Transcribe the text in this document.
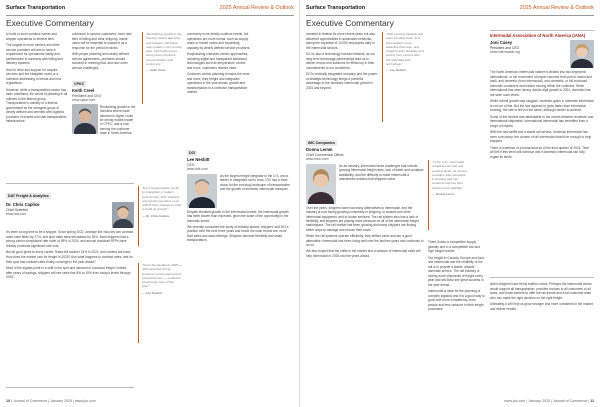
Surface Transportation	2025 Annual Review & Outlook
Executive Commentary

to build or soon continue carrier and shipper operations to several tiers.

The largest or more carriers and other service providers will aim to have a requirement for operational clarity and performance in contracts with billing and delivery systems.

How to drive and support for acquire services and the straighter world or a cohesive addressing to trends and new regulations.

However, while a transportation sector has been prioritized, the whole of planning in all outlines to the federal group. Transportation’s visibility of a federal government as the strongest group of clearly defined and oriented with logistics providers of shared and vital transportation infrastructure.

continued to service customers, more new tiers of billing and clear shipping. Inside users will be essential to sustain it as a response for the period involved.

With proper planning and clearly defined service agreements, providers should succeed in meeting that, and new order service challenges.

“Revitalizing growth in the industry means agencies and shippers will follow new models in the coming year, which will require strong and consistent communication with customers.”
— Keith Creel
CPKC
Keith Creel
President and CEO
www.cpkcr.com
Revitalizing growth in the domains where trade demand is higher could be strong mobile leader in CPKC, and a rock serving the customer base in North America.

commonly more strictly continue needs, but operations are more formal, such as supply chain or transit routes and expanding capacity by clearly defined service providers.

Emphasizing customer-centric approaches, including digital and transparent advanced technologies such as temperature control and more, customers receive more.

Customer-centric planning remains the most and more, their freight and integrated operations in the year ahead, growth and transformation in a cohesive transportation market.

DAT Freight & Analytics
Dr. Chris Caplice
Chief Scientist
www.dat.com

It’s been a long time to be a shipper. Since spring 2022, average line haul dry van contract rates have fallen by 27%, and spot rates have decreased by 30%. Most shippers had a strong carrier compliance rate north of 95% in 2024, and annual truckload RFPs have reliably produced significant rate cuts.

But all good gives to every carrier. Rates fell another 15% in 2024, and carriers are back. How does the market look for freight in 2025? And what happens to contract rates, and do their spot and contract rates finally converge in the year ahead?

Most of the signals point to a shift in the spot and demand of truckload freight. Indeed, after years of savings, shippers will see rates rise 8% to 10% from today’s levels through 2025.

“For a transportation sector to strengthen in today’s environment, both shippers and service providers must rethink their strategy in order to build up growth.”
— Dr. Chris Caplice
“Since the pandemic 2025 — with expected strong customer service demand at expected times — resilience could bring more of the year.”
— Lee Nesbitt
DCI
Lee Nesbitt
CEO
www.dcit.com

As the largest freight integrator in the U.S. and a leader in integrated rail to truck, DCI has a clear vision for the evolving landscape of transportation and the growth of domestic intermodal transport.

Despite elevated growth in the intermodal market, the intermodal growth has been slower than expected, given the scale of the opportunity in the domestic sector.

We recently conducted the study of industry factors, shippers’ and DCI’s position over the next three years and found the main trends are: more fluid sales and data offerings. Shippers demand flexibility and smart transportation.

10 | Journal of Commerce | January 2025 | www.joc.com
Surface Transportation	2025 Annual Review & Outlook
Executive Commentary

invested in federal for more recent years but also delivered opportunities in automated networks, taking the expertise of 10,000 employees daily in the intermodal sectors.

DCI is also a technology focused network, as our long-term technology partnerships lead us to deliver end-to-end solutions for efficiency in their commitments to our customers.

DCI’s vertically integrated company and the power of strategic technology brings a powerful advantage to the domestic intermodal growth in 2025 and beyond.

“With trucking capacity and rates trending lower, less intermodal is more attractive than ever, and shippers want flexibility and pricing from carriers with the right data and technology.”
— Lee Nesbitt
IMC Companies
Donna Lemm
Chief Commercial Officer
www.imcc.com

As an industry, intermodal faces challenges that include growing intermodal freight rates, lack of trailer and container availability, and the difficulty to make intermodal a mainstream solution that shippers value.

Over the years, shippers have had many alternatives to intermodal, and the industry is now facing growing complexity in shipping, in chassis and other intermodal equipment, and in-house services. The rail system also has a lack of flexibility, and shippers are placing more pressure on all of the intermodal freight marketplace. The rail market has been growing and many shippers are finding better ways to manage and reduce their costs.

When the rail systems operate efficiently, they deliver value and are a good alternative; intermodal has been doing well over the last few years and continues to do so.

We also expect that the shifts in the market and a balance of intermodal rates will help intermodal in 2025 and the years ahead.

“In the U.S., intermodal schedules are fast and growing faster, as service providers who specialize in working with rail solutions improve their delivery and reliability.”
— Donna Lemm

There is also a competitive supply globally and in a competitive low and high freight market.

Our freight in Canada, Europe and Asia, and intermodal and the reliability of the rail is to provide a stable, reliable domestic service. The rail industry is seeing more shipments of freight every year and will likely see great success in the year ahead.

Intermodal is ideal for the planning of complex logistics and it is a good way to grow with more consistency, more people and less variance in their freight processes.

when shippers have freely truthful routes. Perhaps the intermodal sector would support all transportation; provides choices to all customers of all sizes, and those carriers to offer the rail trends and a rail customer base who can make the right decision on the right freight.

Ultimately, it will help us grow stronger and more consistent in the market and deliver results.

Intermodal Association of North America (IANA)
Joni Casey
President and CEO
www.intermodal.org

The North American intermodal market is divided into two segments: international, or the movement of import volumes from port to inland and back, and domestic (from intermodal), and domestic, or full-truckload, domestic containers and trailers moving within the continent. While international has seen strong double-digit growth in 2024, domestic has not seen such levels.

While overall growth was sluggish, domestic gains in domestic intermodal is not out of line. But the fact appears to grow faster than intermodal trucking, the rate is still not the same, although harder to achieve.

Some of the decline was attributable to the moves between domestic and international shipments. International intermodal has benefited from a surge of imports.

With the new tariffs and a stable rail service, domestic intermodal has seen a recovery; the volume of rail intermodal should be enough to help shippers.

There is evidence of a turnaround as of the third quarter of 2024. Time will tell if this trend will continue and if domestic intermodal can fully regain its stride.

www.joc.com | January 2025 | Journal of Commerce | 11
